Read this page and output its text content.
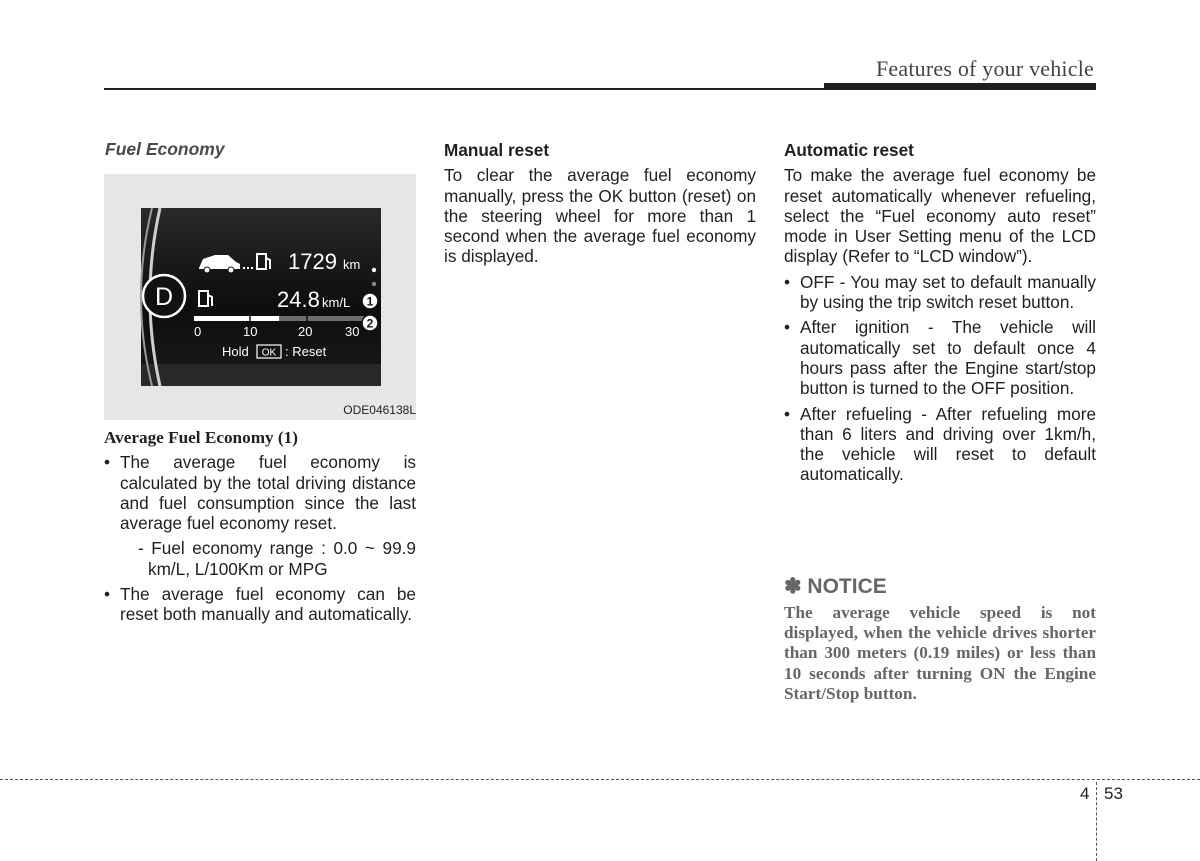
Features of your vehicle
Fuel Economy
D
1729 km
24.8 km/L
0	10	20	30
Hold OK : Reset
1
2
ODE046138L
Average Fuel Economy (1)
• The average fuel economy is calculated by the total driving distance and fuel consumption since the last average fuel economy reset.
- Fuel economy range : 0.0 ~ 99.9 km/L, L/100Km or MPG
• The average fuel economy can be reset both manually and automatically.
Manual reset
To clear the average fuel economy manually, press the OK button (reset) on the steering wheel for more than 1 second when the average fuel economy is displayed.
Automatic reset
To make the average fuel economy be reset automatically whenever refueling, select the “Fuel economy auto reset” mode in User Setting menu of the LCD display (Refer to “LCD window”).
• OFF - You may set to default manually by using the trip switch reset button.
• After ignition - The vehicle will automatically set to default once 4 hours pass after the Engine start/stop button is turned to the OFF position.
• After refueling - After refueling more than 6 liters and driving over 1km/h, the vehicle will reset to default automatically.
✽ NOTICE
The average vehicle speed is not displayed, when the vehicle drives shorter than 300 meters (0.19 miles) or less than 10 seconds after turning ON the Engine Start/Stop button.
4 53
